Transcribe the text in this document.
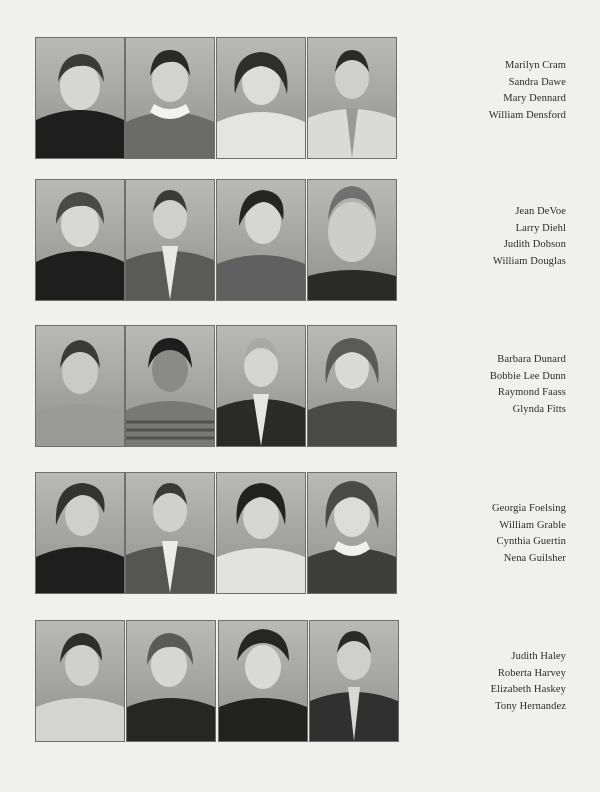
Marilyn Cram
Sandra Dawe
Mary Dennard
William Densford
Jean DeVoe
Larry Diehl
Judith Dobson
William Douglas
Barbara Dunard
Bobbie Lee Dunn
Raymond Faass
Glynda Fitts
Georgia Foelsing
William Grable
Cynthia Guertin
Nena Guilsher
Judith Haley
Roberta Harvey
Elizabeth Haskey
Tony Hernandez
